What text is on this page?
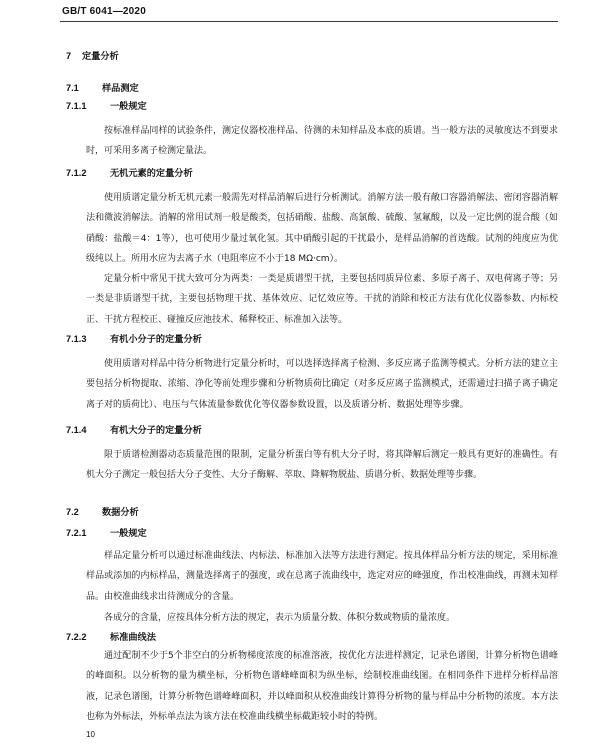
GB/T 6041—2020
7 定量分析
7.1	样品测定
7.1.1	一般规定

按标准样品同样的试验条件，测定仪器校准样品、待测的未知样品及本底的质谱。当一般方法的灵敏度达不到要求时，可采用多离子检测定量法。

7.1.2	无机元素的定量分析

使用质谱定量分析无机元素一般需先对样品消解后进行分析测试。消解方法一般有敞口容器消解法、密闭容器消解法和微波消解法。消解的常用试剂一般是酸类，包括硝酸、盐酸、高氯酸、硫酸、氢氟酸，以及一定比例的混合酸（如硝酸：盐酸＝4：1等），也可使用少量过氧化氢。其中硝酸引起的干扰最小，是样品消解的首选酸。试剂的纯度应为优级纯以上。所用水应为去离子水（电阻率应不小于18 MΩ·cm）。

定量分析中常见干扰大致可分为两类：一类是质谱型干扰，主要包括同质异位素、多原子离子、双电荷离子等；另一类是非质谱型干扰，主要包括物理干扰、基体效应、记忆效应等。干扰的消除和校正方法有优化仪器参数、内标校正、干扰方程校正、碰撞反应池技术、稀释校正、标准加入法等。

7.1.3	有机小分子的定量分析

使用质谱对样品中待分析物进行定量分析时，可以选择选择离子检测、多反应离子监测等模式。分析方法的建立主要包括分析物提取、浓缩、净化等前处理步骤和分析物质荷比确定（对多反应离子监测模式，还需通过扫描子离子确定离子对的质荷比）、电压与气体流量参数优化等仪器参数设置，以及质谱分析、数据处理等步骤。

7.1.4	有机大分子的定量分析

限于质谱检测器动态质量范围的限制，定量分析蛋白等有机大分子时，将其降解后测定一般具有更好的准确性。有机大分子测定一般包括大分子变性、大分子酶解、萃取、降解物脱盐、质谱分析、数据处理等步骤。

7.2	数据分析
7.2.1	一般规定

样品定量分析可以通过标准曲线法、内标法、标准加入法等方法进行测定。按具体样品分析方法的规定，采用标准样品或添加的内标样品，测量选择离子的强度，或在总离子流曲线中，选定对应的峰强度，作出校准曲线，再测未知样品。由校准曲线求出待测成分的含量。

各成分的含量，应按具体分析方法的规定，表示为质量分数、体积分数或物质的量浓度。

7.2.2	标准曲线法

通过配制不少于5个非空白的分析物梯度浓度的标准溶液，按优化方法进样测定，记录色谱图，计算分析物色谱峰的峰面积。以分析物的量为横坐标，分析物色谱峰峰面积为纵坐标，绘制校准曲线图。在相同条件下进样分析样品溶液，记录色谱图，计算分析物色谱峰峰面积，并以峰面积从校准曲线计算得分析物的量与样品中分析物的浓度。本方法也称为外标法，外标单点法为该方法在校准曲线横坐标截距较小时的特例。

10
